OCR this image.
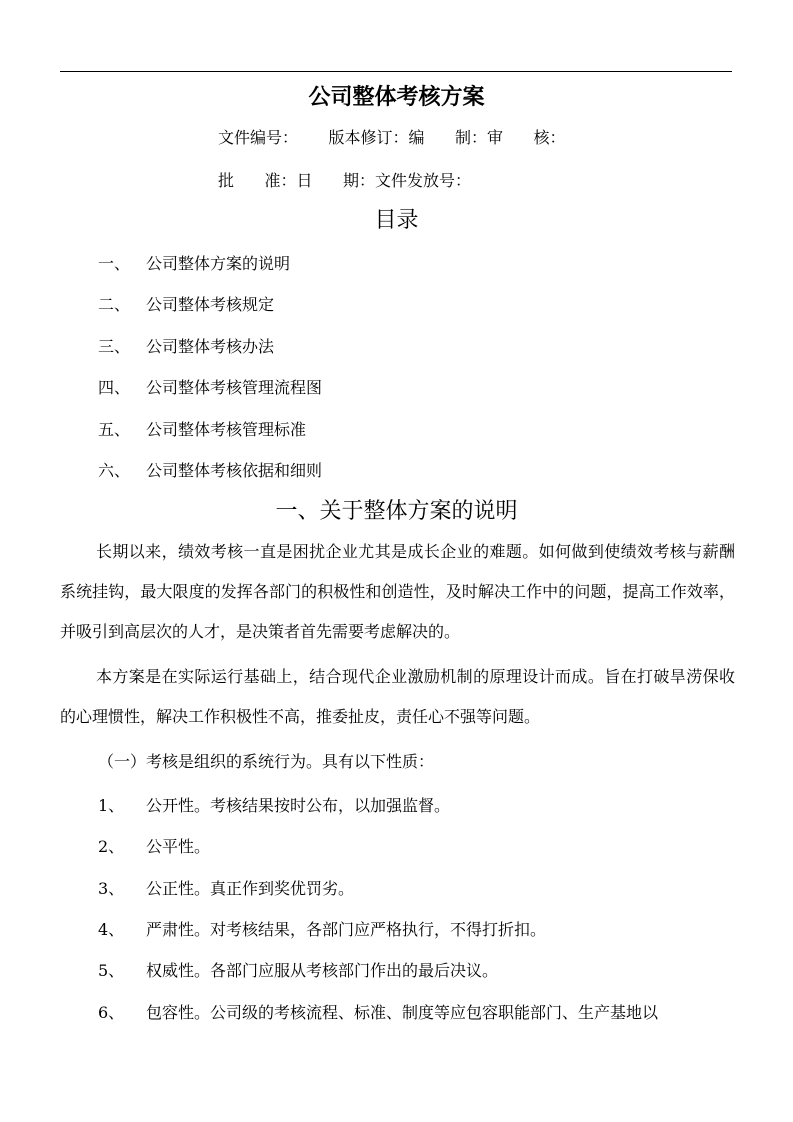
公司整体考核方案
文件编号：      版本修订：编      制：审      核：
批      准：日      期：文件发放号：
目录
一、 公司整体方案的说明
二、 公司整体考核规定
三、 公司整体考核办法
四、 公司整体考核管理流程图
五、 公司整体考核管理标准
六、 公司整体考核依据和细则
一、关于整体方案的说明

长期以来，绩效考核一直是困扰企业尤其是成长企业的难题。如何做到使绩效考核与薪酬系统挂钩，最大限度的发挥各部门的积极性和创造性，及时解决工作中的问题，提高工作效率，并吸引到高层次的人才，是决策者首先需要考虑解决的。

本方案是在实际运行基础上，结合现代企业激励机制的原理设计而成。旨在打破旱涝保收的心理惯性，解决工作积极性不高，推委扯皮，责任心不强等问题。

（一）考核是组织的系统行为。具有以下性质：
1、 公开性。考核结果按时公布，以加强监督。
2、 公平性。
3、 公正性。真正作到奖优罚劣。
4、 严肃性。对考核结果，各部门应严格执行，不得打折扣。
5、 权威性。各部门应服从考核部门作出的最后决议。
6、 包容性。公司级的考核流程、标准、制度等应包容职能部门、生产基地以
